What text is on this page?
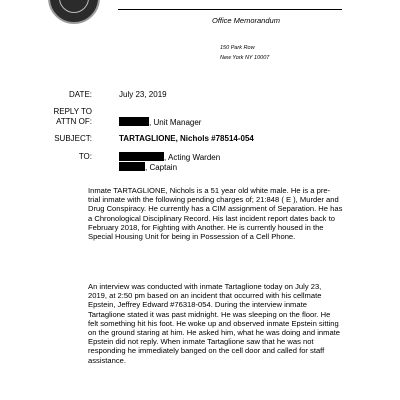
Office Memorandum
150 Park Row
New York NY 10007
DATE:	July 23, 2019
REPLY TO
ATTN OF:	, Unit Manager
SUBJECT:	TARTAGLIONE, Nichols #78514-054
TO:	, Acting Warden
, Captain
Inmate TARTAGLIONE, Nichols is a 51 year old white male. He is a pre-
trial inmate with the following pending charges of; 21:848 ( E ), Murder and
Drug Conspiracy. He currently has a CIM assignment of Separation. He has
a Chronological Disciplinary Record. His last incident report dates back to
February 2018, for Fighting with Another. He is currently housed in the
Special Housing Unit for being in Possession of a Cell Phone.
An interview was conducted with inmate Tartaglione today on July 23,
2019, at 2:50 pm based on an incident that occurred with his cellmate
Epstein, Jeffrey Edward #76318-054. During the interview inmate
Tartaglione stated it was past midnight. He was sleeping on the floor. He
felt something hit his foot. He woke up and observed inmate Epstein sitting
on the ground staring at him. He asked him, what he was doing and inmate
Epstein did not reply. When inmate Tartaglione saw that he was not
responding he immediately banged on the cell door and called for staff
assistance.
